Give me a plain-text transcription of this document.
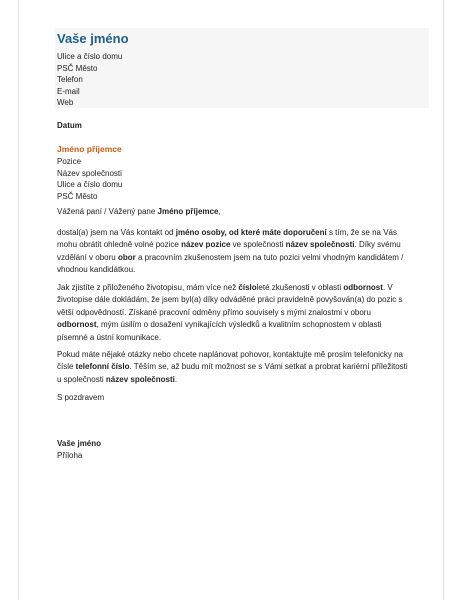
Vaše jméno
Ulice a číslo domu
PSČ Město
Telefon
E-mail
Web
Datum
Jméno příjemce
Pozice
Název společnosti
Ulice a číslo domu
PSČ Město
Vážená paní / Vážený pane Jméno příjemce,
dostal(a) jsem na Vás kontakt od jméno osoby, od které máte doporučení s tím, že se na Vás mohu obrátit ohledně volné pozice název pozice ve společnosti název společnosti. Díky svému vzdělání v oboru obor a pracovním zkušenostem jsem na tuto pozici velmi vhodným kandidátem / vhodnou kandidátkou.
Jak zjistíte z přiloženého životopisu, mám více než čísloleté zkušenosti v oblasti odbornost. V životopise dále dokládám, že jsem byl(a) díky odváděné práci pravidelně povyšován(a) do pozic s větší odpovědností. Získané pracovní odměny přímo souvisely s mými znalostmi v oboru odbornost, mým úsilím o dosažení vynikajících výsledků a kvalitním schopnostem v oblasti písemné a ústní komunikace.
Pokud máte nějaké otázky nebo chcete naplánovat pohovor, kontaktujte mě prosím telefonicky na čísle telefonní číslo. Těším se, až budu mít možnost se s Vámi setkat a probrat kariérní příležitosti u společnosti název společnosti.
S pozdravem
Vaše jméno
Příloha
